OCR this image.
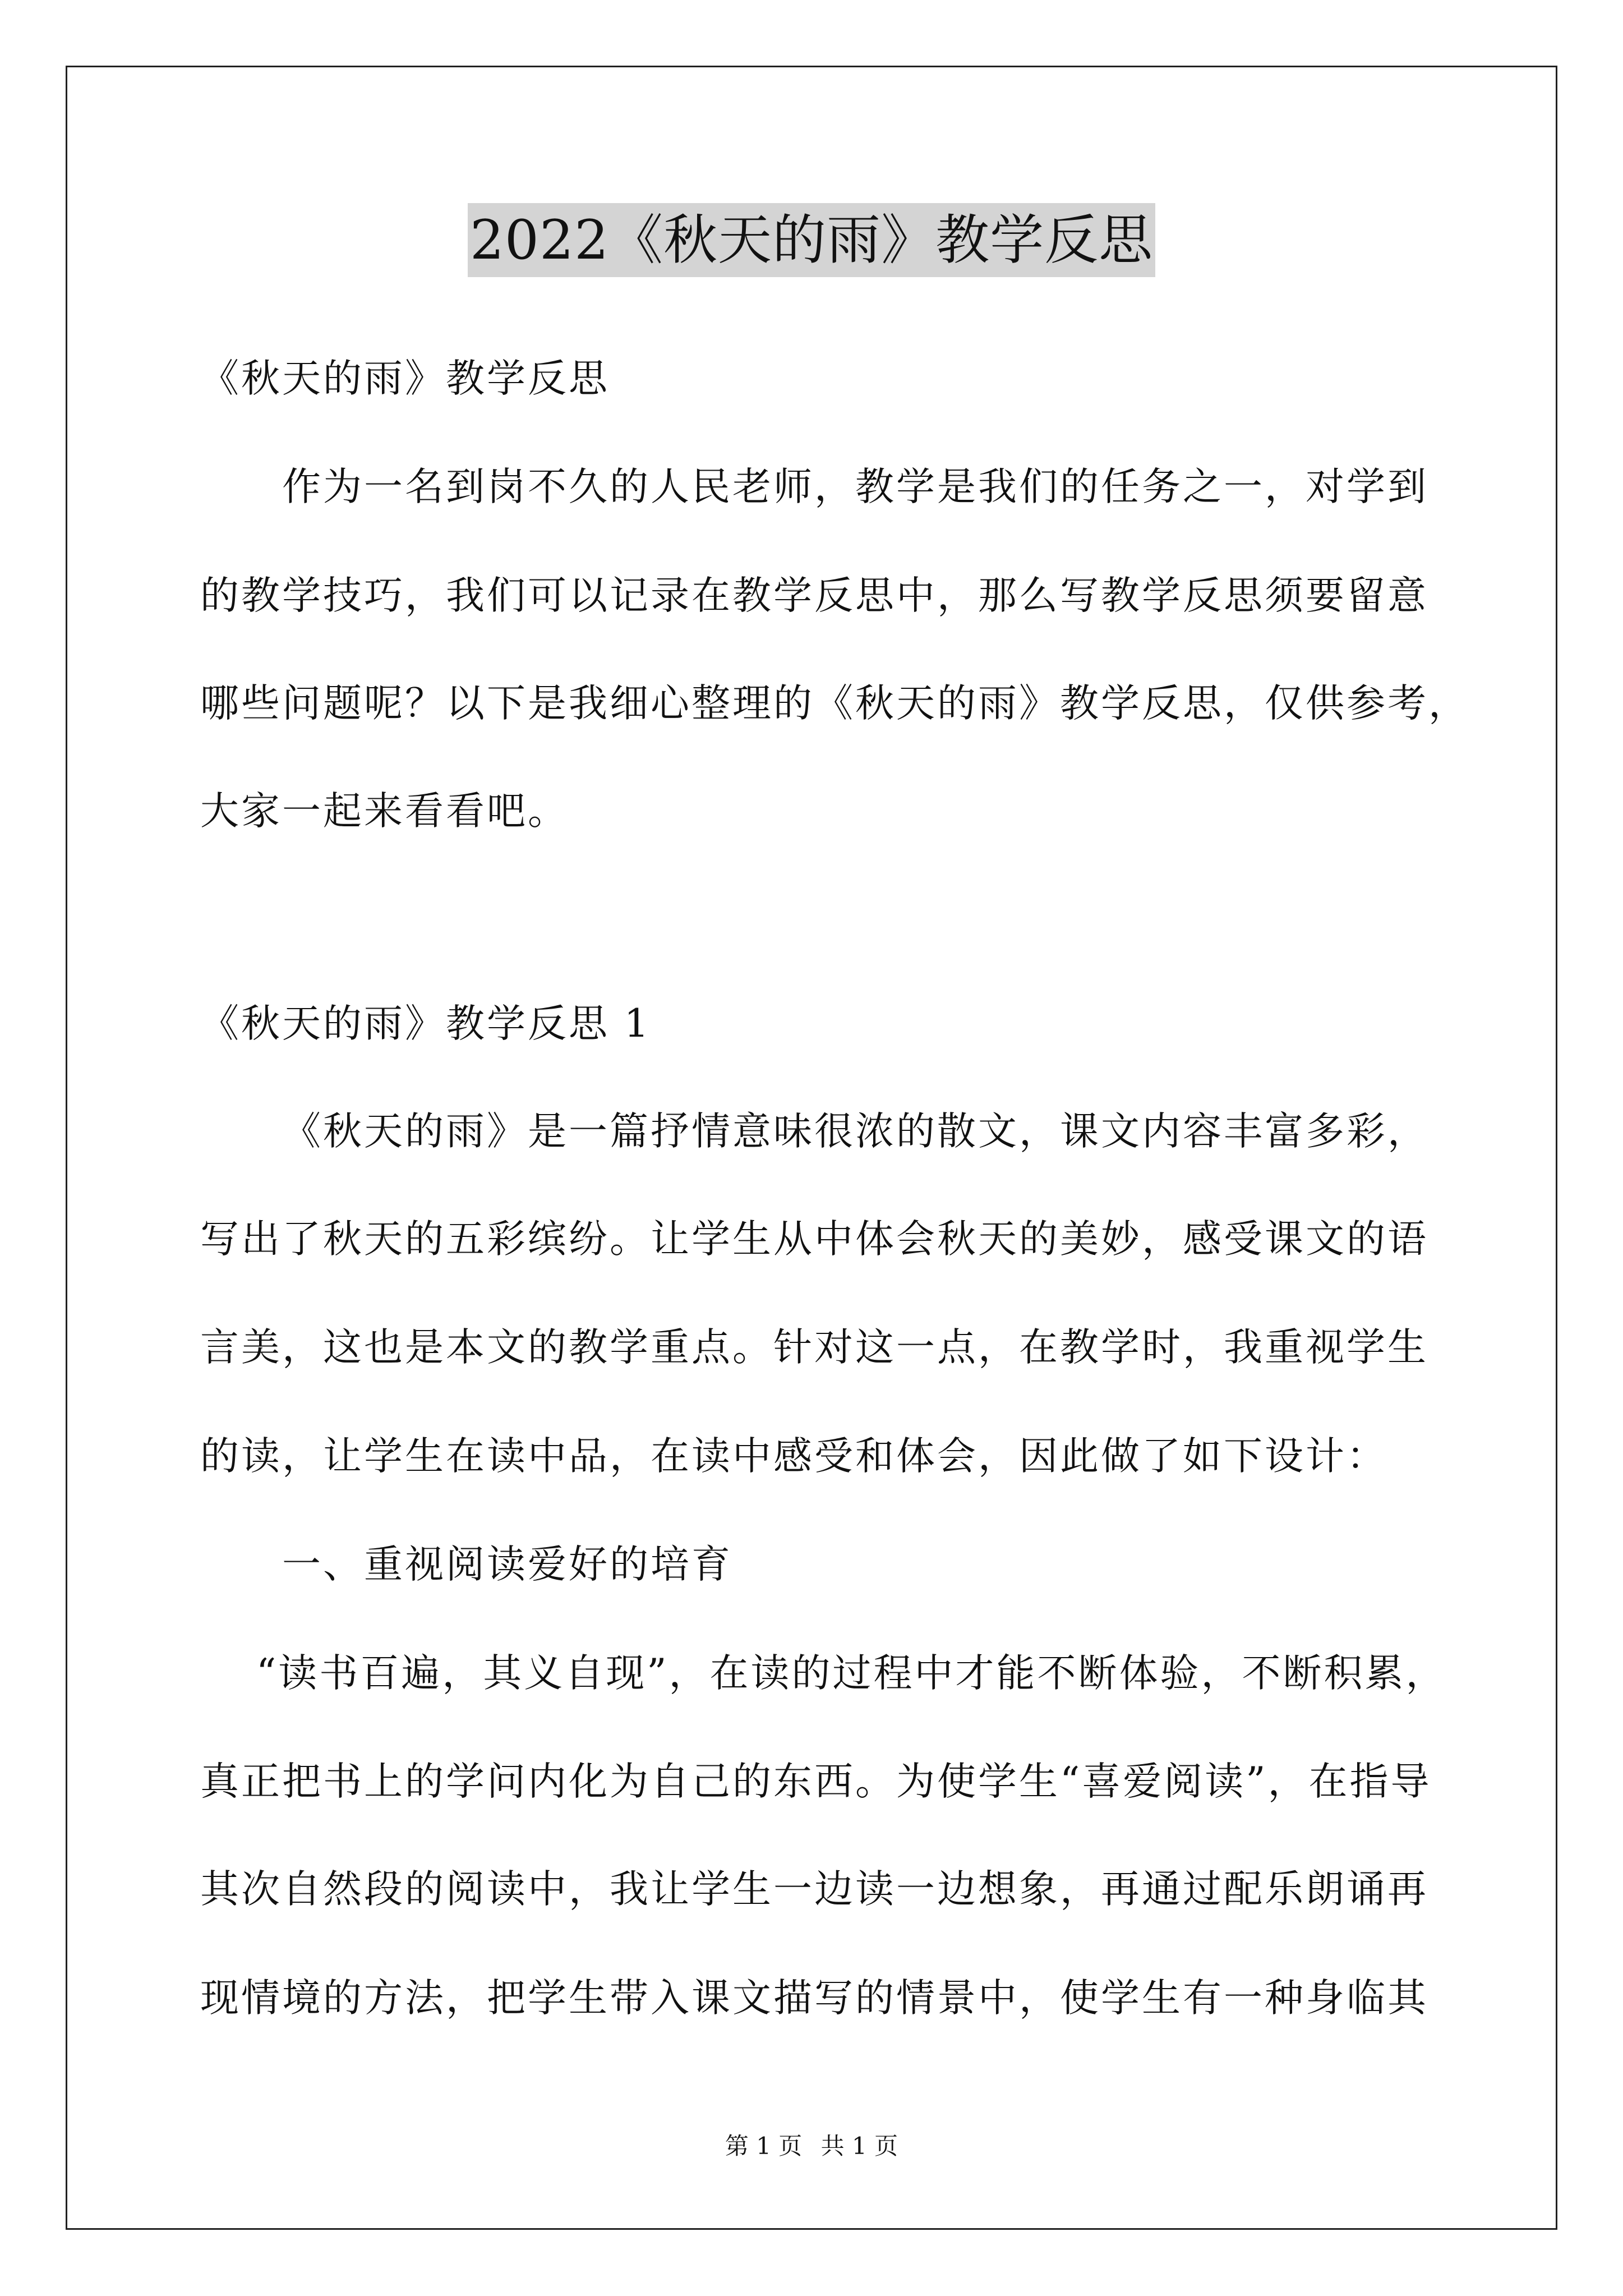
2022《秋天的雨》教学反思
《秋天的雨》教学反思
作为一名到岗不久的人民老师，教学是我们的任务之一，对学到
的教学技巧，我们可以记录在教学反思中，那么写教学反思须要留意
哪些问题呢？以下是我细心整理的《秋天的雨》教学反思，仅供参考，
大家一起来看看吧。
《秋天的雨》教学反思 1
《秋天的雨》是一篇抒情意味很浓的散文，课文内容丰富多彩，
写出了秋天的五彩缤纷。让学生从中体会秋天的美妙，感受课文的语
言美，这也是本文的教学重点。针对这一点，在教学时，我重视学生
的读，让学生在读中品，在读中感受和体会，因此做了如下设计：
一、重视阅读爱好的培育
“读书百遍，其义自现”，在读的过程中才能不断体验，不断积累，
真正把书上的学问内化为自己的东西。为使学生“喜爱阅读”，在指导
其次自然段的阅读中，我让学生一边读一边想象，再通过配乐朗诵再
现情境的方法，把学生带入课文描写的情景中，使学生有一种身临其
第 1 页 共 1 页
